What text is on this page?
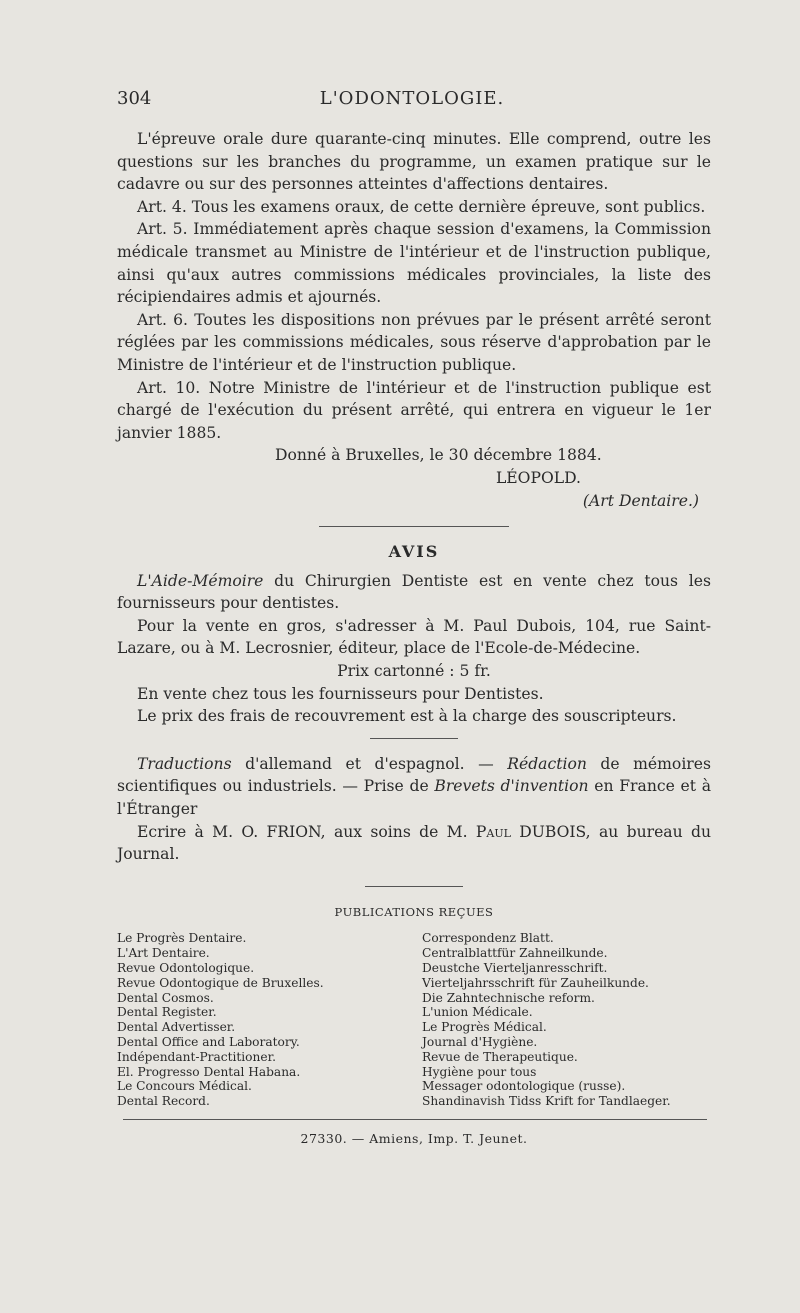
304	L'ODONTOLOGIE.

L'épreuve orale dure quarante-cinq minutes. Elle comprend, outre les questions sur les branches du programme, un examen pratique sur le cadavre ou sur des personnes atteintes d'affections dentaires.

Art. 4. Tous les examens oraux, de cette dernière épreuve, sont publics.

Art. 5. Immédiatement après chaque session d'examens, la Commission médicale transmet au Ministre de l'intérieur et de l'instruction publique, ainsi qu'aux autres commissions médicales provinciales, la liste des récipiendaires admis et ajournés.

Art. 6. Toutes les dispositions non prévues par le présent arrêté seront réglées par les commissions médicales, sous réserve d'approbation par le Ministre de l'intérieur et de l'instruction publique.

Art. 10. Notre Ministre de l'intérieur et de l'instruction publique est chargé de l'exécution du présent arrêté, qui entrera en vigueur le 1er janvier 1885.

Donné à Bruxelles, le 30 décembre 1884.

LÉOPOLD.

(Art Dentaire.)

AVIS

L'Aide-Mémoire du Chirurgien Dentiste est en vente chez tous les fournisseurs pour dentistes.

Pour la vente en gros, s'adresser à M. Paul Dubois, 104, rue Saint-Lazare, ou à M. Lecrosnier, éditeur, place de l'Ecole-de-Médecine.

Prix cartonné : 5 fr.

En vente chez tous les fournisseurs pour Dentistes.

Le prix des frais de recouvrement est à la charge des souscripteurs.

Traductions d'allemand et d'espagnol. — Rédaction de mémoires scientifiques ou industriels. — Prise de Brevets d'invention en France et à l'Étranger

Ecrire à M. O. FRION, aux soins de M. Paul DUBOIS, au bureau du Journal.

PUBLICATIONS REÇUES
Le Progrès Dentaire.
L'Art Dentaire.
Revue Odontologique.
Revue Odontogique de Bruxelles.
Dental Cosmos.
Dental Register.
Dental Advertisser.
Dental Office and Laboratory.
Indépendant-Practitioner.
El. Progresso Dental Habana.
Le Concours Médical.
Dental Record.
Correspondenz Blatt.
Centralblattfür Zahneilkunde.
Deustche Vierteljanresschrift.
Vierteljahrsschrift für Zauheilkunde.
Die Zahntechnische reform.
L'union Médicale.
Le Progrès Médical.
Journal d'Hygiène.
Revue de Therapeutique.
Hygiène pour tous
Messager odontologique (russe).
Shandinavish Tidss Krift for Tandlaeger.
27330. — Amiens, Imp. T. Jeunet.
